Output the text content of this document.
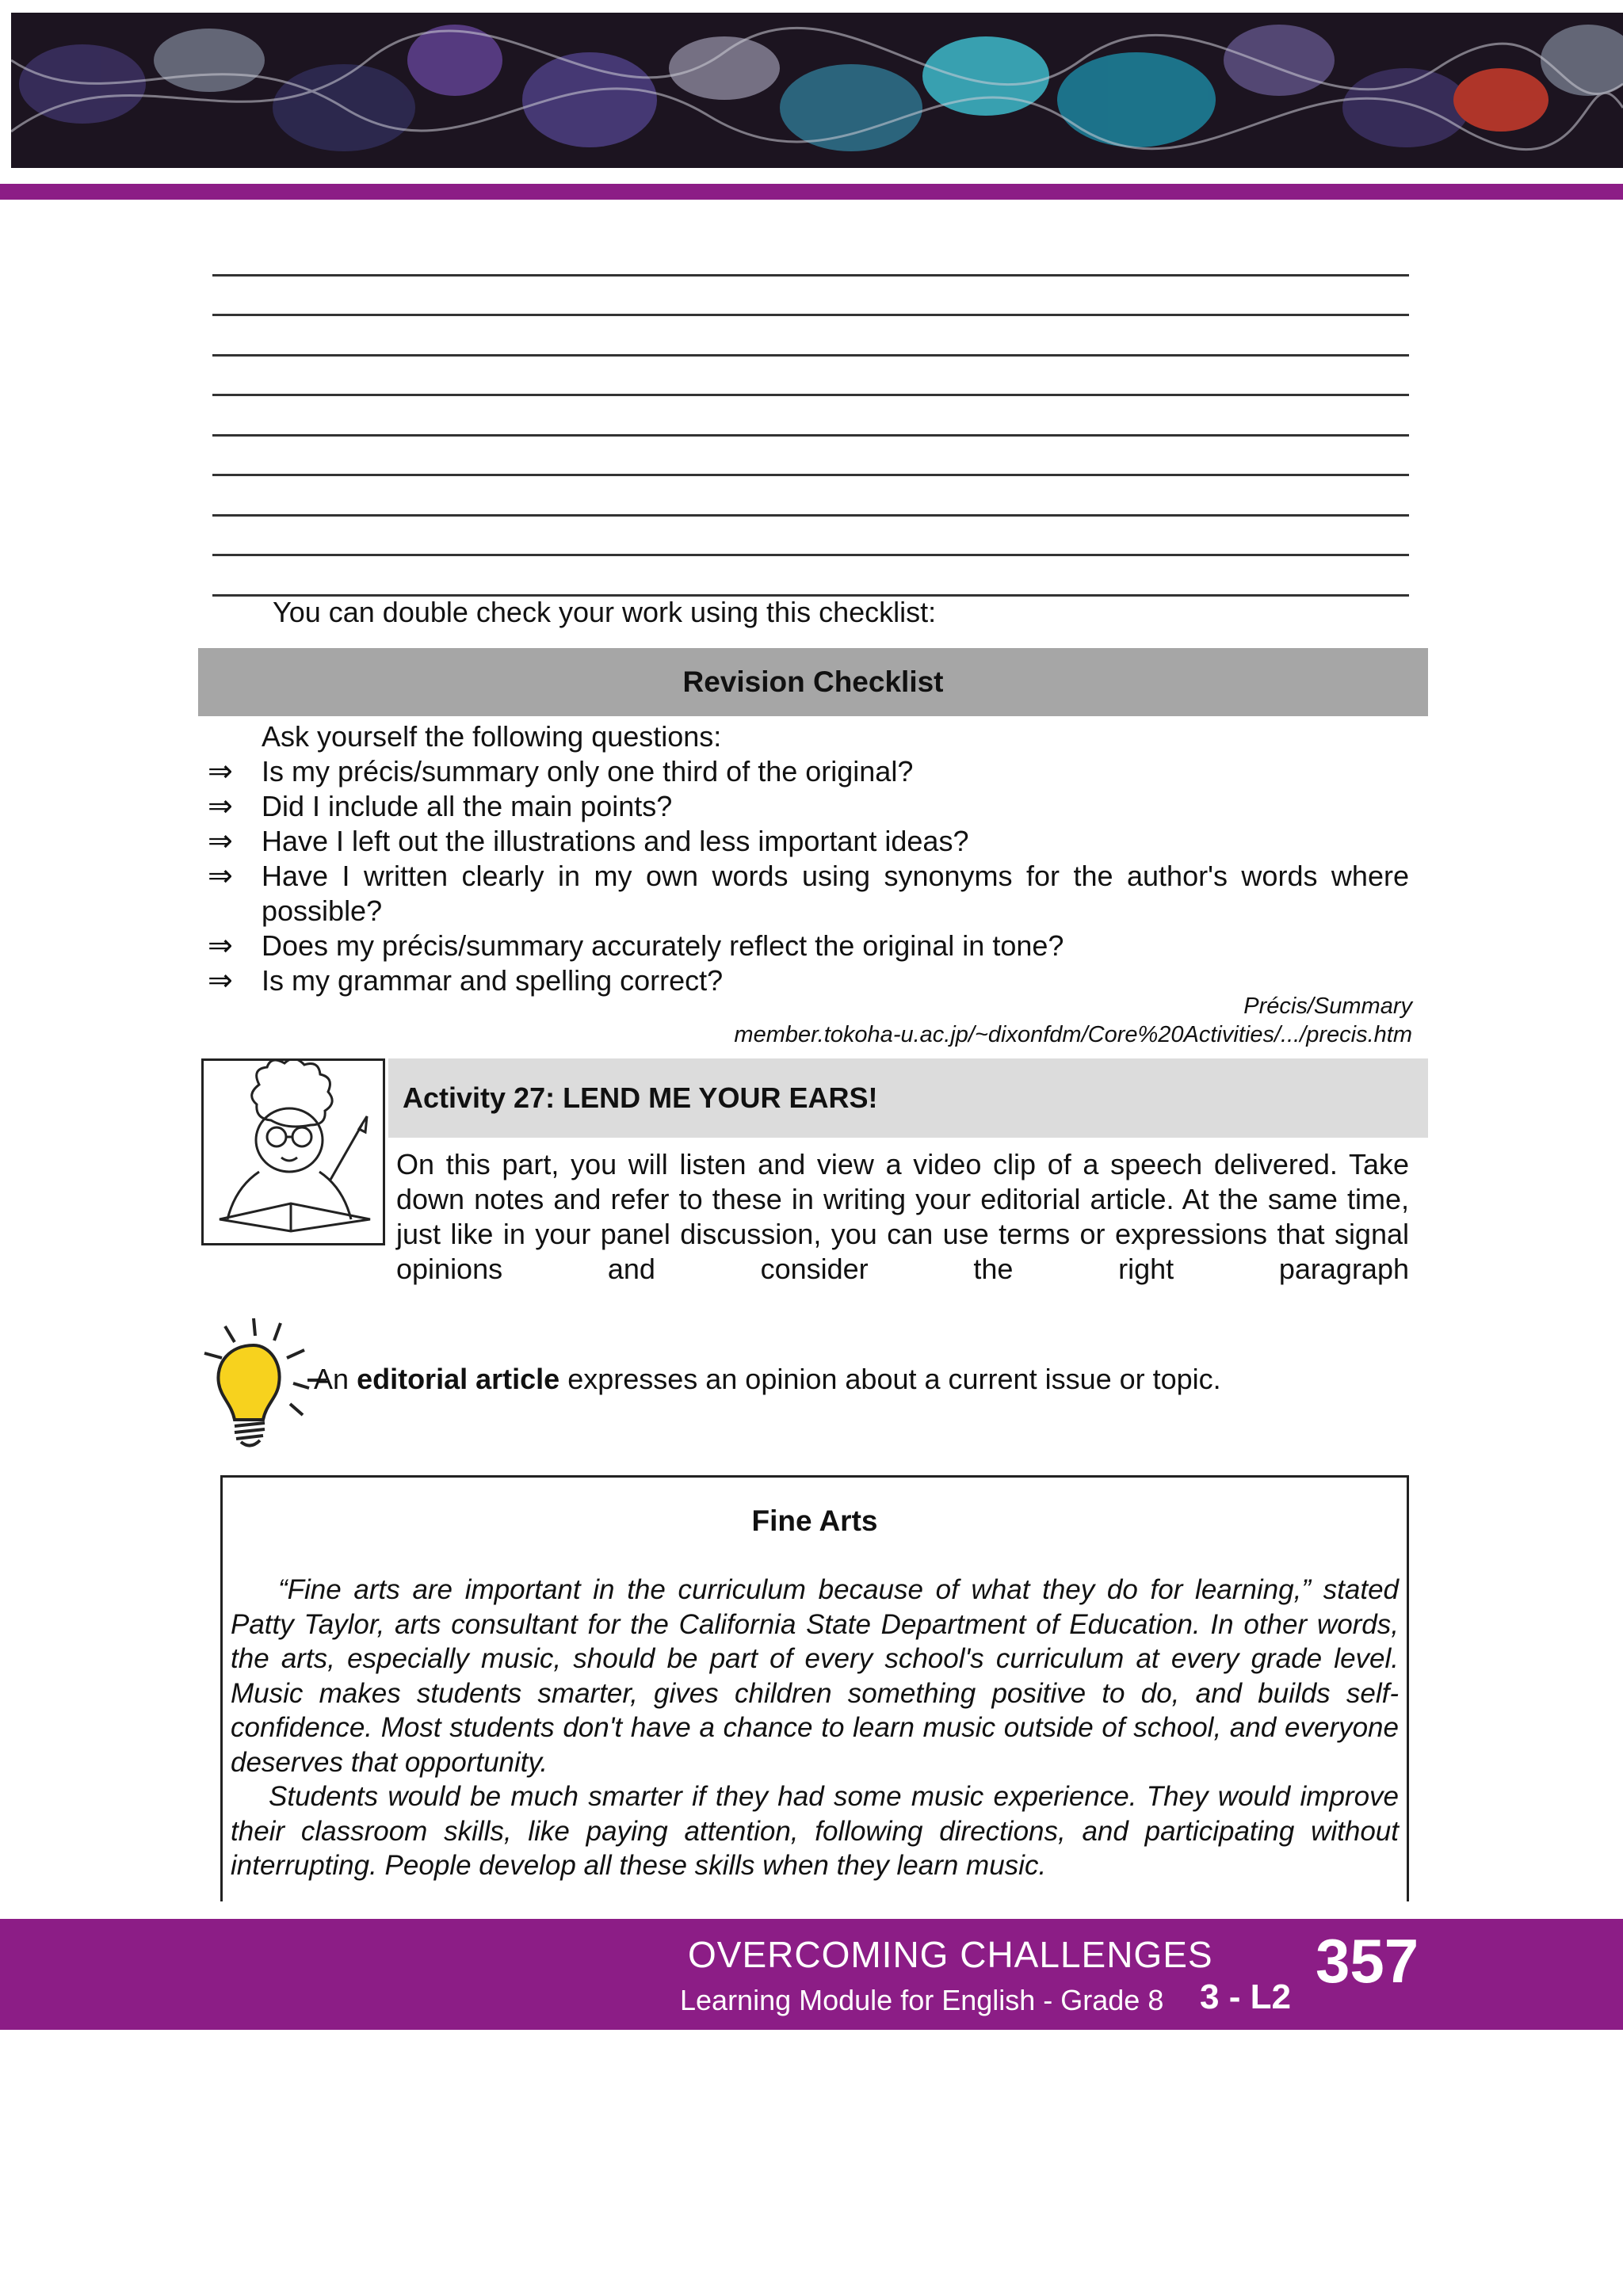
You can double check your work using this checklist:
Revision Checklist
Ask yourself the following questions:
⇒	Is my précis/summary only one third of the original?
⇒	Did I include all the main points?
⇒	Have I left out the illustrations and less important ideas?
⇒	Have I written clearly in my own words using synonyms for the author's words where possible?
⇒	Does my précis/summary accurately reflect the original in tone?
⇒	Is my grammar and spelling correct?
Précis/Summary
member.tokoha-u.ac.jp/~dixonfdm/Core%20Activities/.../precis.htm
Activity 27: LEND ME YOUR EARS!
On this part, you will listen and view a video clip of a speech delivered. Take down notes and refer to these in writing your editorial article. At the same time, just like in your panel discussion, you can use terms or expressions that signal opinions and consider the right paragraph
An editorial article expresses an opinion about a current issue or topic.
Fine Arts
“Fine arts are important in the curriculum because of what they do for learning,” stated Patty Taylor, arts consultant for the California State Department of Education. In other words, the arts, especially music, should be part of every school's curriculum at every grade level. Music makes students smarter, gives children something positive to do, and builds self-confidence. Most students don't have a chance to learn music outside of school, and everyone deserves that opportunity.
Students would be much smarter if they had some music experience. They would improve their classroom skills, like paying attention, following directions, and participating without interrupting. People develop all these skills when they learn music.
OVERCOMING CHALLENGES
Learning Module for English - Grade 8 3 - L2
357
